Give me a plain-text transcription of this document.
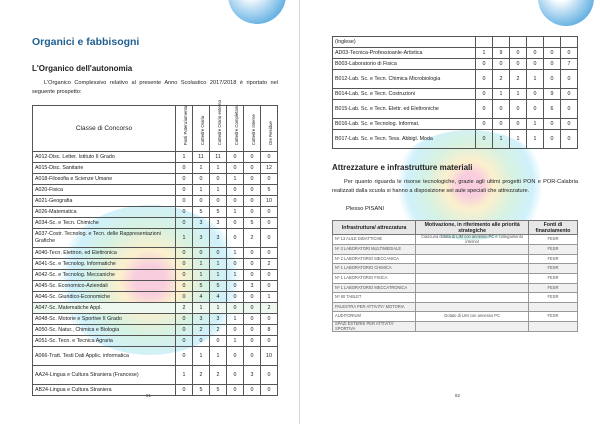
Organici e fabbisogni
L'Organico dell'autonomia
L'Organico Complessivo relativo al presente Anno Scolastico 2017/2018 è riportato nel seguente prospetto:
Classe di Concorso	Posti Potenziamento	Cattedre Orario	Cattedre Orario esterno	Cattedre Completam.	Cattedre Interne	Ore Residue

A012-Disc. Letter. Istituto II Grado	1	11	11	0	0	0
A015-Disc. Sanitarie	0	1	1	0	0	12
A018-Filosofia e Scienze Umane	0	0	0	1	0	0
A020-Fisica	0	1	1	0	0	5
A021-Geografia	0	0	0	0	0	10
A026-Matematica	0	5	5	1	0	0
A034-Sc. e Tecn. Chimiche	0	3	3	0	5	0
A037-Costr. Tecnolog. e Tecn. delle Rappresentazioni Grafiche	1	3	3	0	2	0
A040-Tecn. Elettron. ed Elettronica	0	0	0	1	0	0
A041-Sc. e Tecnolog. Informatiche	0	1	1	0	0	2
A042-Sc. e Tecnolog. Meccaniche	0	1	1	1	0	0
A045-Sc. Economico-Aziendali	0	5	5	0	3	0
A046-Sc. Giuridico-Economiche	0	4	4	0	0	1
A047-Sc. Matematiche Appl.	2	1	1	0	0	2
A048-Sc. Motorie e Sportive II Grado	0	3	3	1	0	0
A050-Sc. Natur., Chimica e Biologia	0	2	2	0	0	8
A051-Sc. Tecn. e Tecnica Agraria	0	0	0	1	0	0
A066-Tratt. Testi Dati Applic. informatica	0	1	1	0	0	10
AA24-Lingua e Cultura Straniera (Francese)	1	2	2	0	3	0
AB24-Lingua e Cultura Straniera	0	5	5	0	0	0
81
(Inglese)						
AD03-Tecnica-Professioanle-Artistica	1	9	0	0	0	0
B003-Laboratorio di Fisica	0	0	0	0	0	7
B012-Lab. Sc. e Tecn. Chimica Microbiologia	0	2	2	1	0	0
B014-Lab. Sc. e Tecn. Costruzioni	0	1	1	0	9	0
B015-Lab. Sc. e Tecn. Elettr. ed Elettroniche	0	0	0	0	6	0
B016-Lab. Sc. e Tecnolog. Informat.	0	0	0	1	0	0
B017-Lab. Sc. e Tecn. Tess. Abbigl. Moda	0	1	1	1	0	0
Attrezzature e infrastrutture materiali
Per quanto riguarda le risorse tecnologiche, grazie agli ultimi progetti PON e POR-Calabria realizzati dalla scuola si hanno a disposizione sei aule speciali che attrezzature.
Plesso PISANI
Infrastruttura/ attrezzatura	Motivazione, in riferimento alle priorità strategiche	Fonti di finanziamento
Nº 13 AULE DIDATTICHE	Ciascuna dotata di LIM con annesso PC e collegamento internet	FESR
Nº 3 LABORATORI MULTIMEDIALE		FESR
Nº 2 LABORATORIO MECCANICA		FESR
Nº 1 LABORATORIO CHIMICA		FESR
Nº 1 LABORATORIO FISICA		FESR
Nº 1 LABORATORIO MECCATRONICA		FESR
Nº 80 TABLET		FESR
PALESTRA PER ATTIVITA' MOTORIA		
AUDITORIUM	Dotato di LIM con annesso PC	FESR
SPAZI ESTERNI PER ATTIVITA' SPORTIVA		
82
